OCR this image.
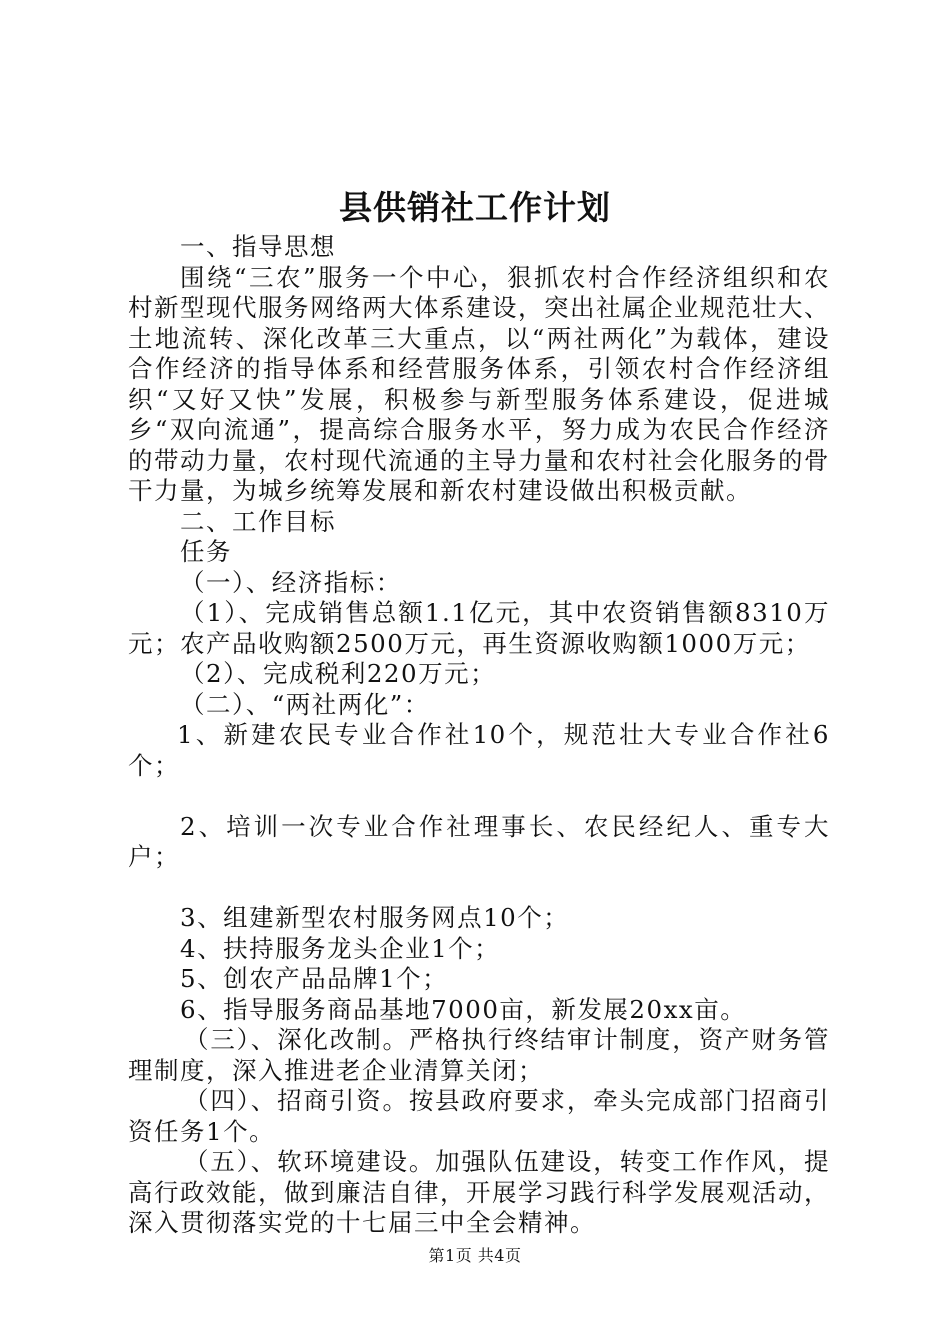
县供销社工作计划

一、指导思想

围绕“三农”服务一个中心，狠抓农村合作经济组织和农村新型现代服务网络两大体系建设，突出社属企业规范壮大、土地流转、深化改革三大重点，以“两社两化”为载体，建设合作经济的指导体系和经营服务体系，引领农村合作经济组织“又好又快”发展，积极参与新型服务体系建设，促进城乡“双向流通”，提高综合服务水平，努力成为农民合作经济的带动力量，农村现代流通的主导力量和农村社会化服务的骨干力量，为城乡统筹发展和新农村建设做出积极贡献。

二、工作目标

任务

（一）、经济指标：

（1）、完成销售总额1.1亿元，其中农资销售额8310万元；农产品收购额2500万元，再生资源收购额1000万元；

（2）、完成税利220万元；

（二）、“两社两化”：

1、新建农民专业合作社10个，规范壮大专业合作社6个；

2、培训一次专业合作社理事长、农民经纪人、重专大户；

3、组建新型农村服务网点10个；

4、扶持服务龙头企业1个；

5、创农产品品牌1个；

6、指导服务商品基地7000亩，新发展20xx亩。

（三）、深化改制。严格执行终结审计制度，资产财务管理制度，深入推进老企业清算关闭；

（四）、招商引资。按县政府要求，牵头完成部门招商引资任务1个。

（五）、软环境建设。加强队伍建设，转变工作作风，提高行政效能，做到廉洁自律，开展学习践行科学发展观活动，深入贯彻落实党的十七届三中全会精神。

第1页 共4页
